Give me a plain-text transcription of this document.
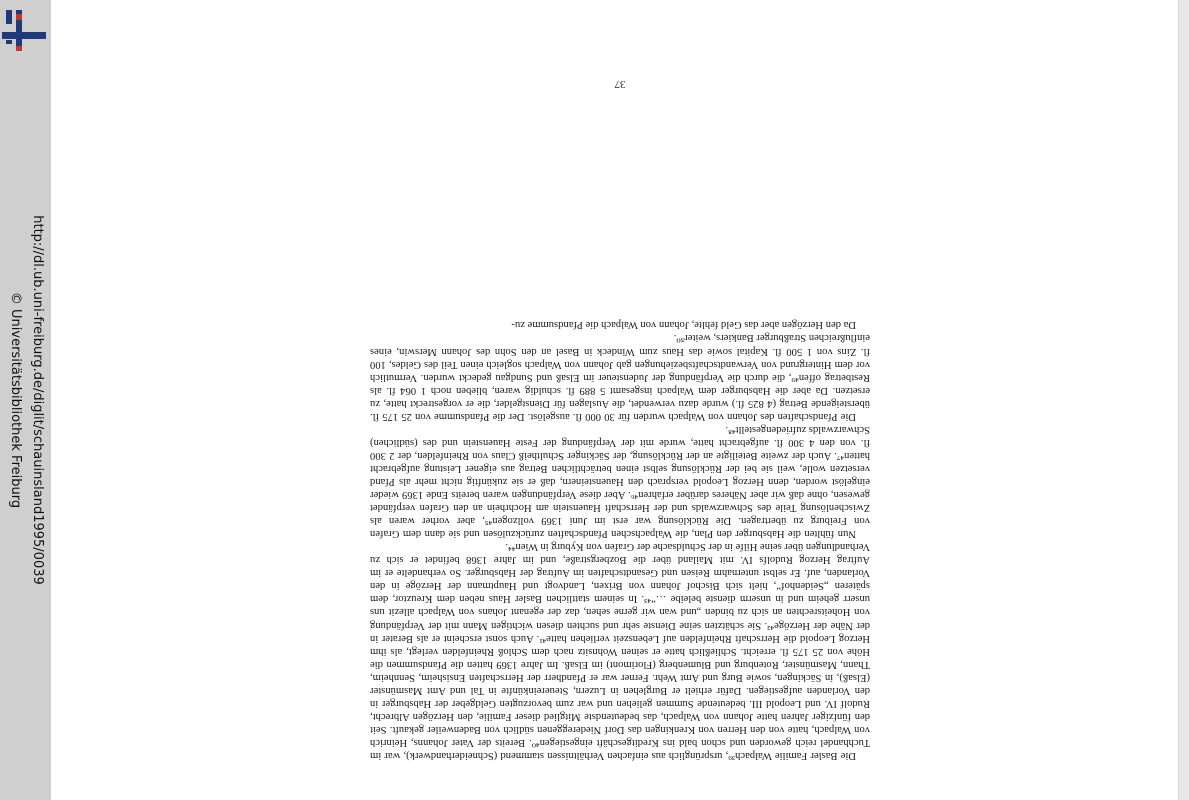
http://dl.ub.uni-freiburg.de/diglit/schauinsland1995/0039
© Universitätsbibliothek Freiburg

Die Basler Familie Walpach³⁹, ursprünglich aus einfachen Verhältnissen stammend (Schneiderhandwerk), war im Tuchhandel reich geworden und schon bald ins Kreditgeschäft eingestiegen⁴⁰. Bereits der Vater Johanns, Heinrich von Walpach, hatte von den Herren von Krenkingen das Dorf Niedereggenen südlich von Badenweiler gekauft. Seit den fünfziger Jahren hatte Johann von Walpach, das bedeutendste Mitglied dieser Familie, den Herzögen Albrecht, Rudolf IV. und Leopold III. bedeutende Summen geliehen und war zum bevorzugten Geldgeber der Habsburger in den Vorlanden aufgestiegen. Dafür erhielt er Burglehen in Luzern, Steuereinkünfte in Tal und Amt Masmünster (Elsaß), in Säckingen, sowie Burg und Amt Wehr. Ferner war er Pfandherr der Herrschaften Ensisheim, Sennheim, Thann, Masmünster, Rotenburg und Blumenberg (Florimont) im Elsaß. Im Jahre 1369 hatten die Pfandsummen die Höhe von 25 175 fl. erreicht. Schließlich hatte er seinen Wohnsitz nach dem Schloß Rheinfelden verlegt, als ihm Herzog Leopold die Herrschaft Rheinfelden auf Lebenszeit verliehen hatte⁴¹. Auch sonst erscheint er als Berater in der Nähe der Herzöge⁴². Sie schätzten seine Dienste sehr und suchten diesen wichtigen Mann mit der Verpfändung von Hoheitsrechten an sich zu binden „und wan wir gerne sehen, daz der egenant Johans von Walpach allezit uns unserr geheim und in unserm dienste beleibe …“⁴³. In seinem stattlichen Basler Haus neben dem Kreuztor, dem späteren „Seidenhof“, hielt sich Bischof Johann von Brixen, Landvogt und Hauptmann der Herzöge in den Vorlanden, auf. Er selbst unternahm Reisen und Gesandtschaften im Auftrag der Habsburger. So verhandelte er im Auftrag Herzog Rudolfs IV. mit Mailand über die Bozbergstraße, und im Jahre 1368 befindet er sich zu Verhandlungen über seine Hilfe in der Schuldsache der Grafen von Kyburg in Wien⁴⁴.

Nun fühlten die Habsburger den Plan, die Walpachschen Pfandschaften zurückzulösen und sie dann dem Grafen von Freiburg zu übertragen. Die Rücklösung war erst im Juni 1369 vollzogen⁴⁵, aber vorher waren als Zwischenlösung Teile des Schwarzwalds und der Herrschaft Hauenstein am Hochrhein an den Grafen verpfändet gewesen, ohne daß wir aber Näheres darüber erfahren⁴⁶. Aber diese Verpfändungen waren bereits Ende 1369 wieder eingelöst worden, denn Herzog Leopold versprach den Hauensteinern, daß er sie zukünftig nicht mehr als Pfand versetzen wolle, weil sie bei der Rücklösung selbst einen beträchtlichen Betrag aus eigener Leistung aufgebracht hatten⁴⁷. Auch der zweite Beteiligte an der Rücklösung, der Säckinger Schultheiß Claus von Rheinfelden, der 2 300 fl. von den 4 300 fl. aufgebracht hatte, wurde mit der Verpfändung der Feste Hauenstein und des (südlichen) Schwarzwalds zufriedengestellt⁴⁸.

Die Pfandschaften des Johann von Walpach wurden für 30 000 fl. ausgelöst. Der die Pfandsumme von 25 175 fl. übersteigende Betrag (4 825 fl.) wurde dazu verwendet, die Auslagen für Dienstgelder, die er vorgestreckt hatte, zu ersetzen. Da aber die Habsburger dem Walpach insgesamt 5 889 fl. schuldig waren, blieben noch 1 064 fl. als Restbetrag offen⁴⁹, die durch die Verpfändung der Judensteuer im Elsaß und Sundgau gedeckt wurden. Vermutlich vor dem Hintergrund von Verwandtschaftsbeziehungen gab Johann von Walpach sogleich einen Teil des Geldes, 100 fl. Zins von 1 500 fl. Kapital sowie das Haus zum Windeck in Basel an den Sohn des Johann Merswin, eines einflußreichen Straßburger Bankiers, weiter⁵⁰.

Da den Herzögen aber das Geld fehlte, Johann von Walpach die Pfandsumme zu-

37
